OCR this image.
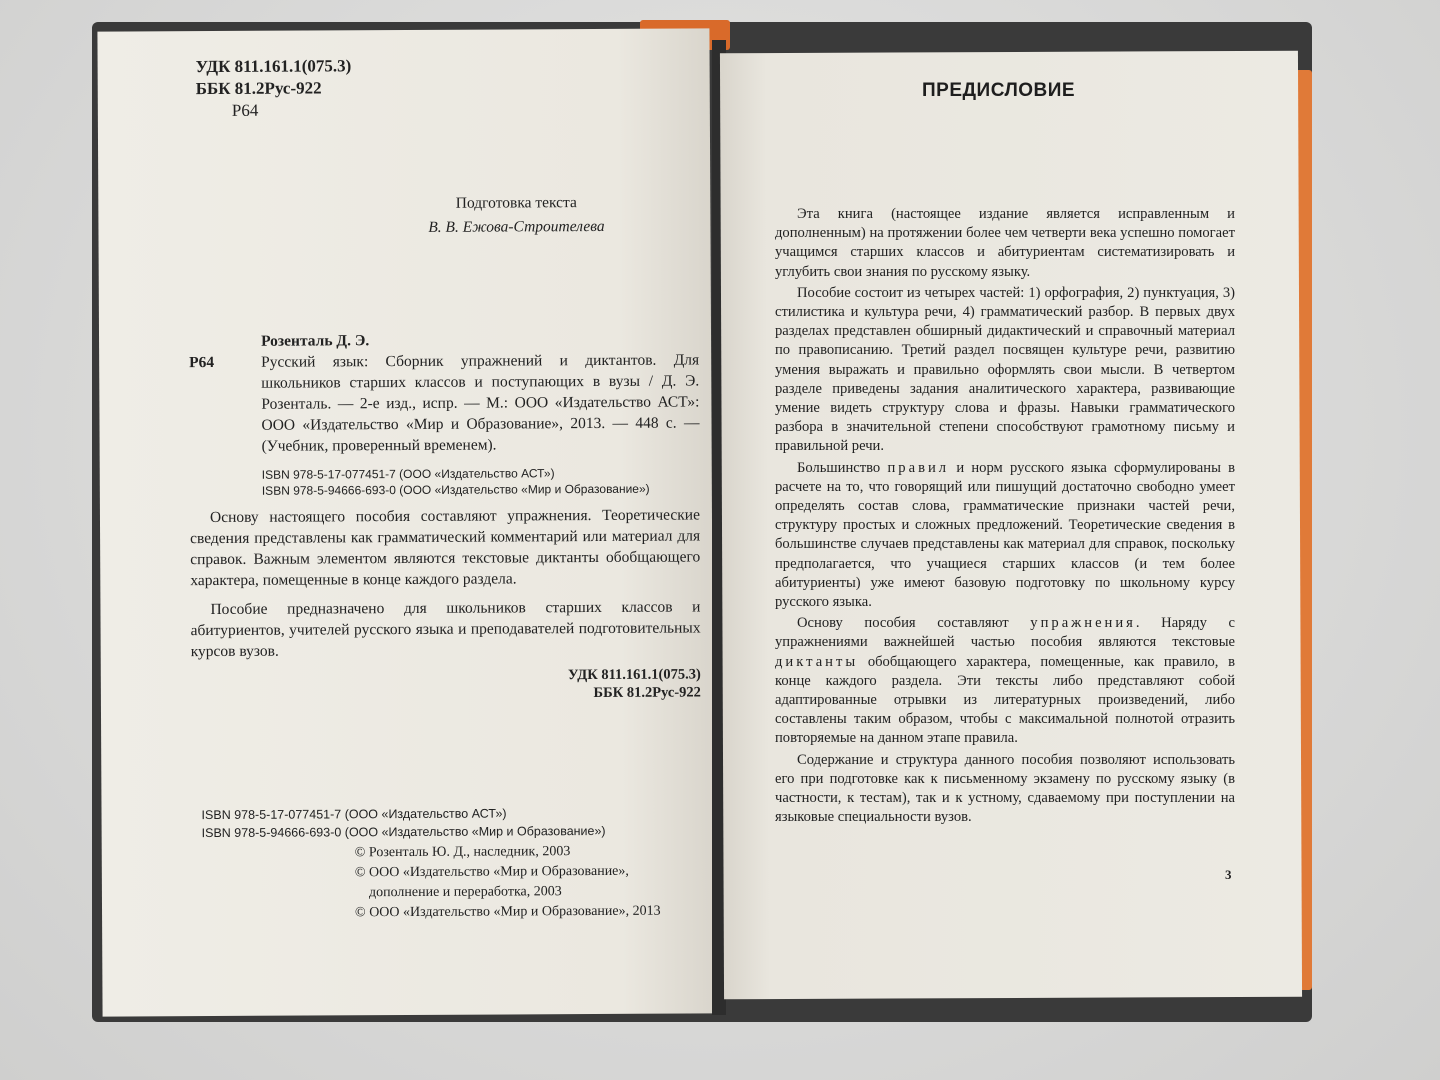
УДК 811.161.1(075.3)
ББК 81.2Рус-922
Р64
Подготовка текста
В. В. Ежова-Строителева
Розенталь Д. Э.
Р64	Русский язык: Сборник упражнений и диктантов. Для школьников старших классов и поступающих в вузы / Д. Э. Розенталь. — 2-е изд., испр. — М.: ООО «Издательство АСТ»: ООО «Издательство «Мир и Образование», 2013. — 448 с. — (Учебник, проверенный временем).
ISBN 978-5-17-077451-7 (ООО «Издательство АСТ»)
ISBN 978-5-94666-693-0 (ООО «Издательство «Мир и Образование»)
Основу настоящего пособия составляют упражнения. Теоретические сведения представлены как грамматический комментарий или материал для справок. Важным элементом являются текстовые диктанты обобщающего характера, помещенные в конце каждого раздела.
Пособие предназначено для школьников старших классов и абитуриентов, учителей русского языка и преподавателей подготовительных курсов вузов.
УДК 811.161.1(075.3)
ББК 81.2Рус-922
ISBN 978-5-17-077451-7 (ООО «Издательство АСТ»)
ISBN 978-5-94666-693-0 (ООО «Издательство «Мир и Образование»)
© Розенталь Ю. Д., наследник, 2003
© ООО «Издательство «Мир и Образование»,
дополнение и переработка, 2003
© ООО «Издательство «Мир и Образование», 2013
ПРЕДИСЛОВИЕ

Эта книга (настоящее издание является исправленным и дополненным) на протяжении более чем четверти века успешно помогает учащимся старших классов и абитуриентам систематизировать и углубить свои знания по русскому языку.

Пособие состоит из четырех частей: 1) орфография, 2) пунктуация, 3) стилистика и культура речи, 4) грамматический разбор. В первых двух разделах представлен обширный дидактический и справочный материал по правописанию. Третий раздел посвящен культуре речи, развитию умения выражать и правильно оформлять свои мысли. В четвертом разделе приведены задания аналитического характера, развивающие умение видеть структуру слова и фразы. Навыки грамматического разбора в значительной степени способствуют грамотному письму и правильной речи.

Большинство правил и норм русского языка сформулированы в расчете на то, что говорящий или пишущий достаточно свободно умеет определять состав слова, грамматические признаки частей речи, структуру простых и сложных предложений. Теоретические сведения в большинстве случаев представлены как материал для справок, поскольку предполагается, что учащиеся старших классов (и тем более абитуриенты) уже имеют базовую подготовку по школьному курсу русского языка.

Основу пособия составляют упражнения. Наряду с упражнениями важнейшей частью пособия являются текстовые диктанты обобщающего характера, помещенные, как правило, в конце каждого раздела. Эти тексты либо представляют собой адаптированные отрывки из литературных произведений, либо составлены таким образом, чтобы с максимальной полнотой отразить повторяемые на данном этапе правила.

Содержание и структура данного пособия позволяют использовать его при подготовке как к письменному экзамену по русскому языку (в частности, к тестам), так и к устному, сдаваемому при поступлении на языковые специальности вузов.

3
